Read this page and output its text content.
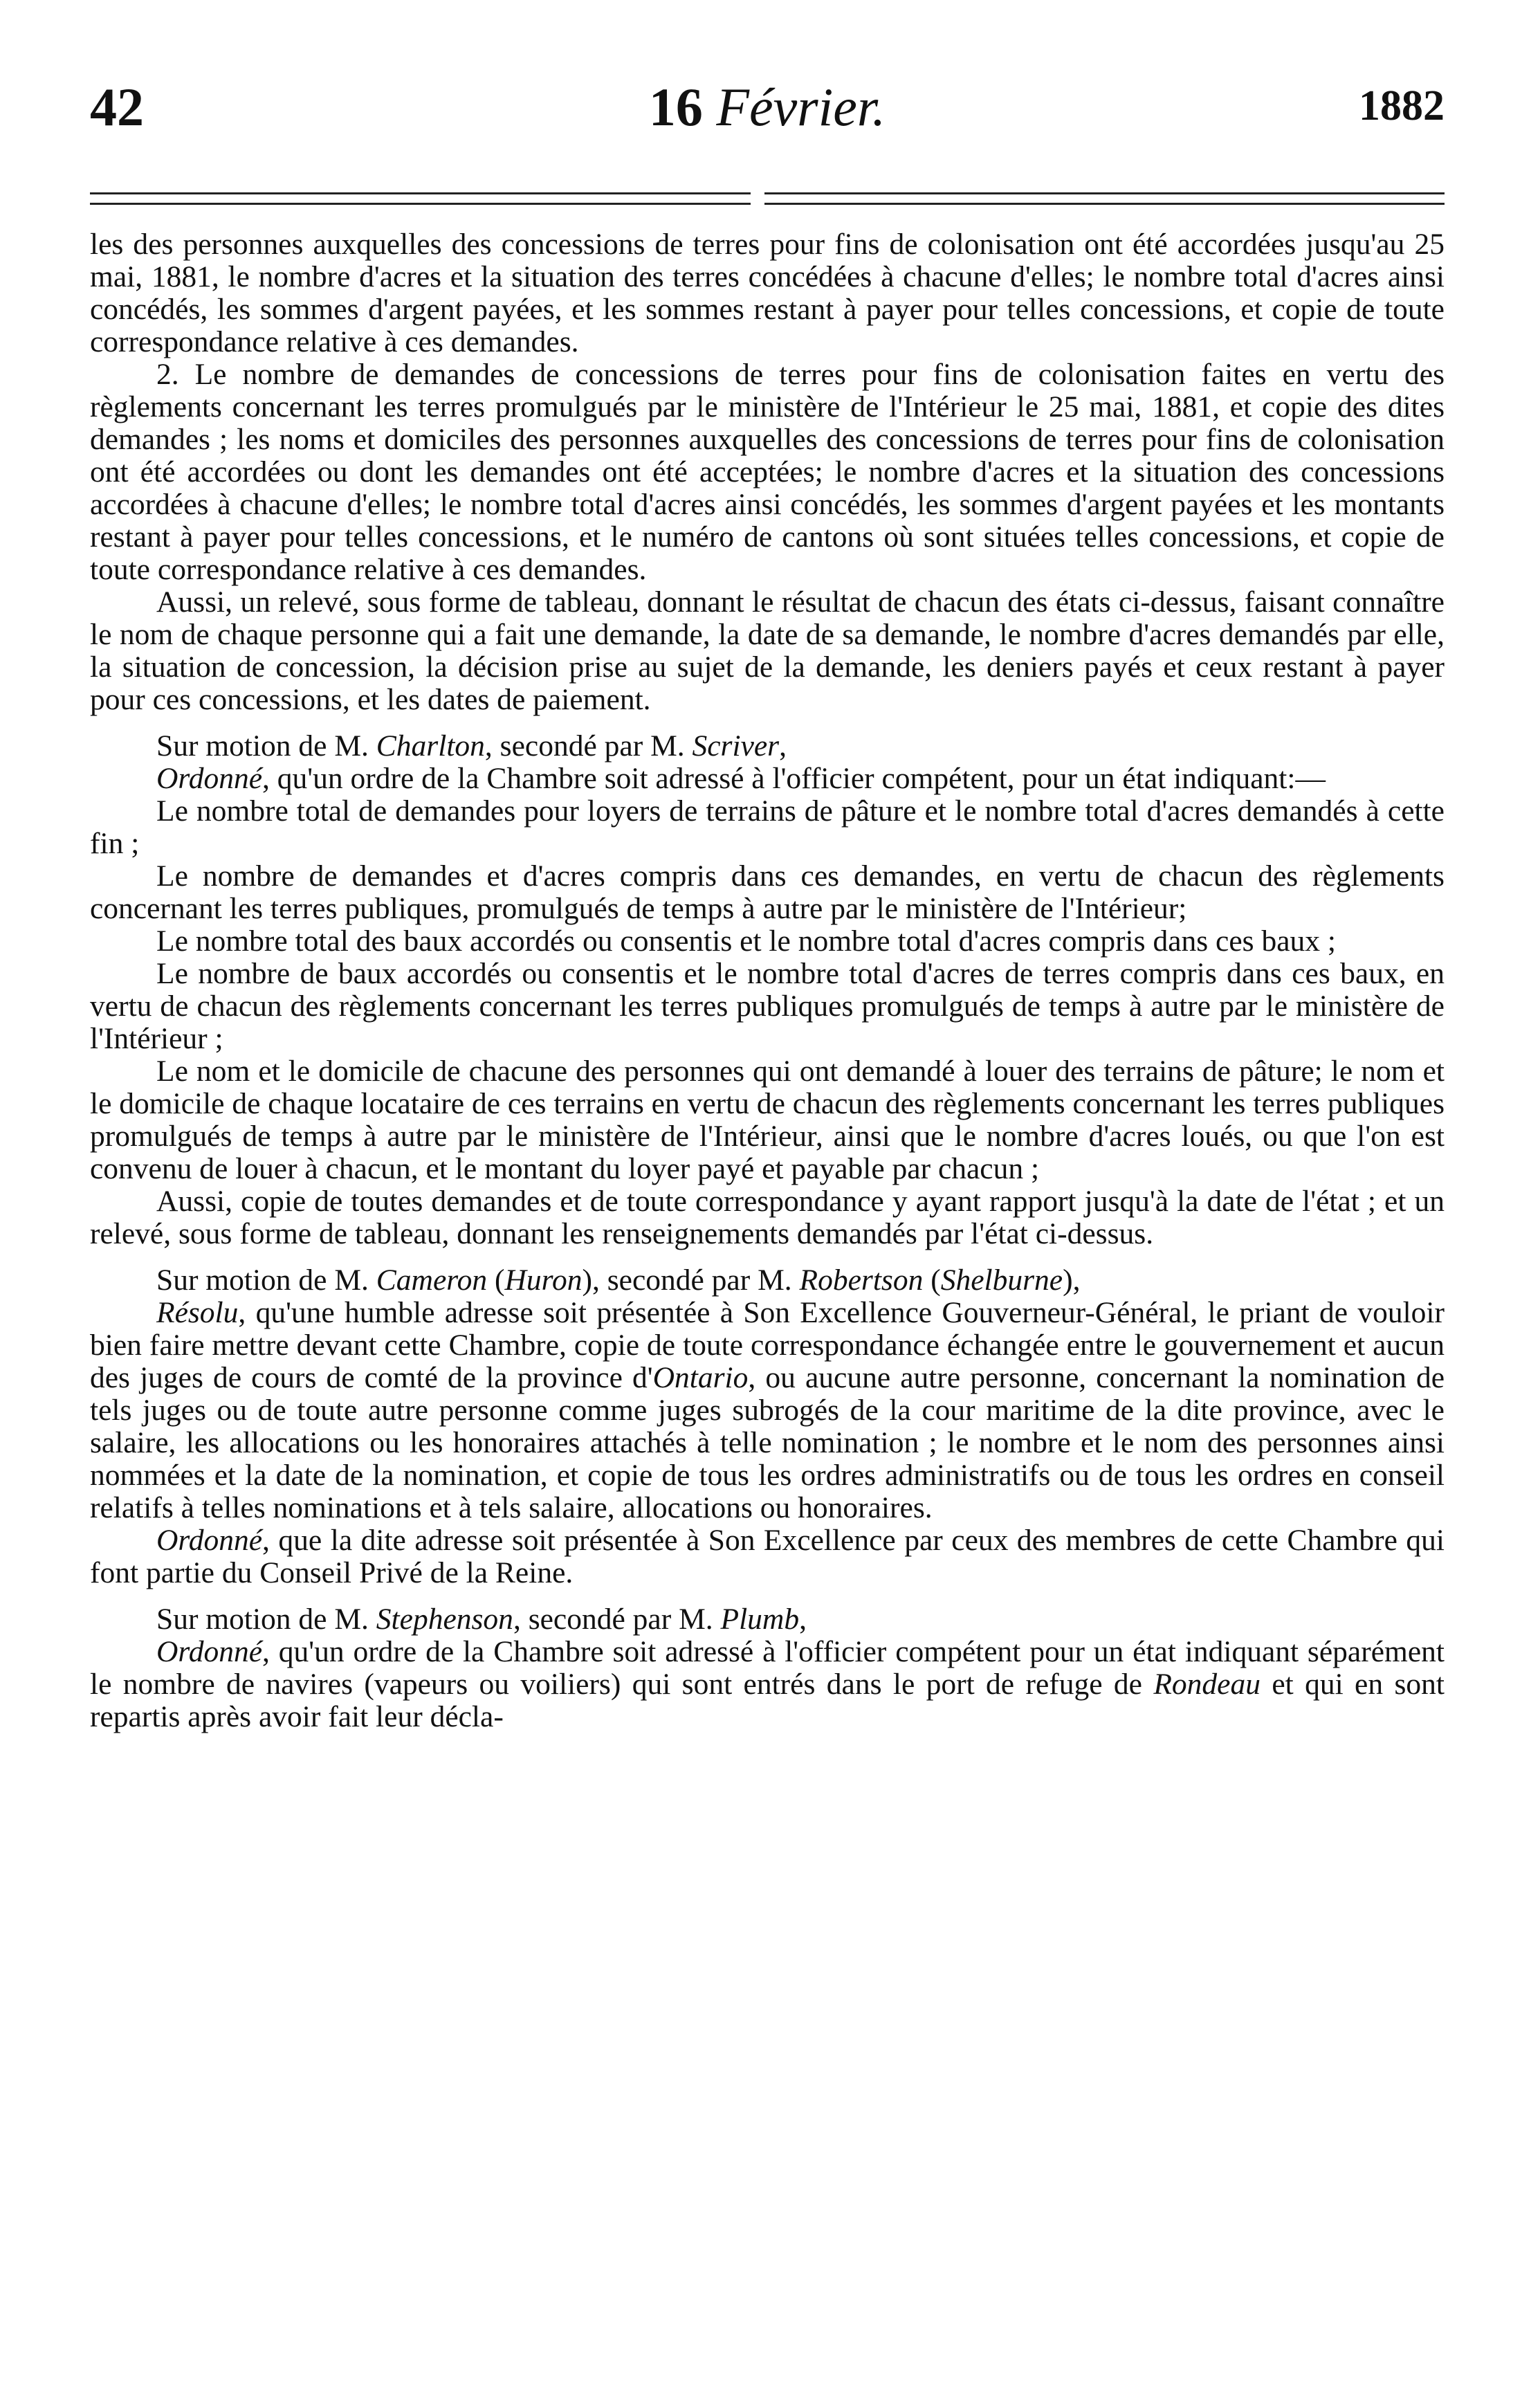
42	16 Février.	1882

les des personnes auxquelles des concessions de terres pour fins de colonisation ont été accordées jusqu'au 25 mai, 1881, le nombre d'acres et la situation des terres concédées à chacune d'elles; le nombre total d'acres ainsi concédés, les sommes d'argent payées, et les sommes restant à payer pour telles concessions, et copie de toute correspondance relative à ces demandes.

2. Le nombre de demandes de concessions de terres pour fins de colonisation faites en vertu des règlements concernant les terres promulgués par le ministère de l'Intérieur le 25 mai, 1881, et copie des dites demandes ; les noms et domiciles des personnes auxquelles des concessions de terres pour fins de colonisation ont été accordées ou dont les demandes ont été acceptées; le nombre d'acres et la situation des concessions accordées à chacune d'elles; le nombre total d'acres ainsi concédés, les sommes d'argent payées et les montants restant à payer pour telles concessions, et le numéro de cantons où sont situées telles concessions, et copie de toute correspondance relative à ces demandes.

Aussi, un relevé, sous forme de tableau, donnant le résultat de chacun des états ci-dessus, faisant connaître le nom de chaque personne qui a fait une demande, la date de sa demande, le nombre d'acres demandés par elle, la situation de concession, la décision prise au sujet de la demande, les deniers payés et ceux restant à payer pour ces concessions, et les dates de paiement.

Sur motion de M. Charlton, secondé par M. Scriver,

Ordonné, qu'un ordre de la Chambre soit adressé à l'officier compétent, pour un état indiquant:—

Le nombre total de demandes pour loyers de terrains de pâture et le nombre total d'acres demandés à cette fin ;

Le nombre de demandes et d'acres compris dans ces demandes, en vertu de chacun des règlements concernant les terres publiques, promulgués de temps à autre par le ministère de l'Intérieur;

Le nombre total des baux accordés ou consentis et le nombre total d'acres compris dans ces baux ;

Le nombre de baux accordés ou consentis et le nombre total d'acres de terres compris dans ces baux, en vertu de chacun des règlements concernant les terres publiques promulgués de temps à autre par le ministère de l'Intérieur ;

Le nom et le domicile de chacune des personnes qui ont demandé à louer des terrains de pâture; le nom et le domicile de chaque locataire de ces terrains en vertu de chacun des règlements concernant les terres publiques promulgués de temps à autre par le ministère de l'Intérieur, ainsi que le nombre d'acres loués, ou que l'on est convenu de louer à chacun, et le montant du loyer payé et payable par chacun ;

Aussi, copie de toutes demandes et de toute correspondance y ayant rapport jusqu'à la date de l'état ; et un relevé, sous forme de tableau, donnant les renseignements demandés par l'état ci-dessus.

Sur motion de M. Cameron (Huron), secondé par M. Robertson (Shelburne),

Résolu, qu'une humble adresse soit présentée à Son Excellence Gouverneur-Général, le priant de vouloir bien faire mettre devant cette Chambre, copie de toute correspondance échangée entre le gouvernement et aucun des juges de cours de comté de la province d'Ontario, ou aucune autre personne, concernant la nomination de tels juges ou de toute autre personne comme juges subrogés de la cour maritime de la dite province, avec le salaire, les allocations ou les honoraires attachés à telle nomination ; le nombre et le nom des personnes ainsi nommées et la date de la nomination, et copie de tous les ordres administratifs ou de tous les ordres en conseil relatifs à telles nominations et à tels salaire, allocations ou honoraires.

Ordonné, que la dite adresse soit présentée à Son Excellence par ceux des membres de cette Chambre qui font partie du Conseil Privé de la Reine.

Sur motion de M. Stephenson, secondé par M. Plumb,

Ordonné, qu'un ordre de la Chambre soit adressé à l'officier compétent pour un état indiquant séparément le nombre de navires (vapeurs ou voiliers) qui sont entrés dans le port de refuge de Rondeau et qui en sont repartis après avoir fait leur décla-
